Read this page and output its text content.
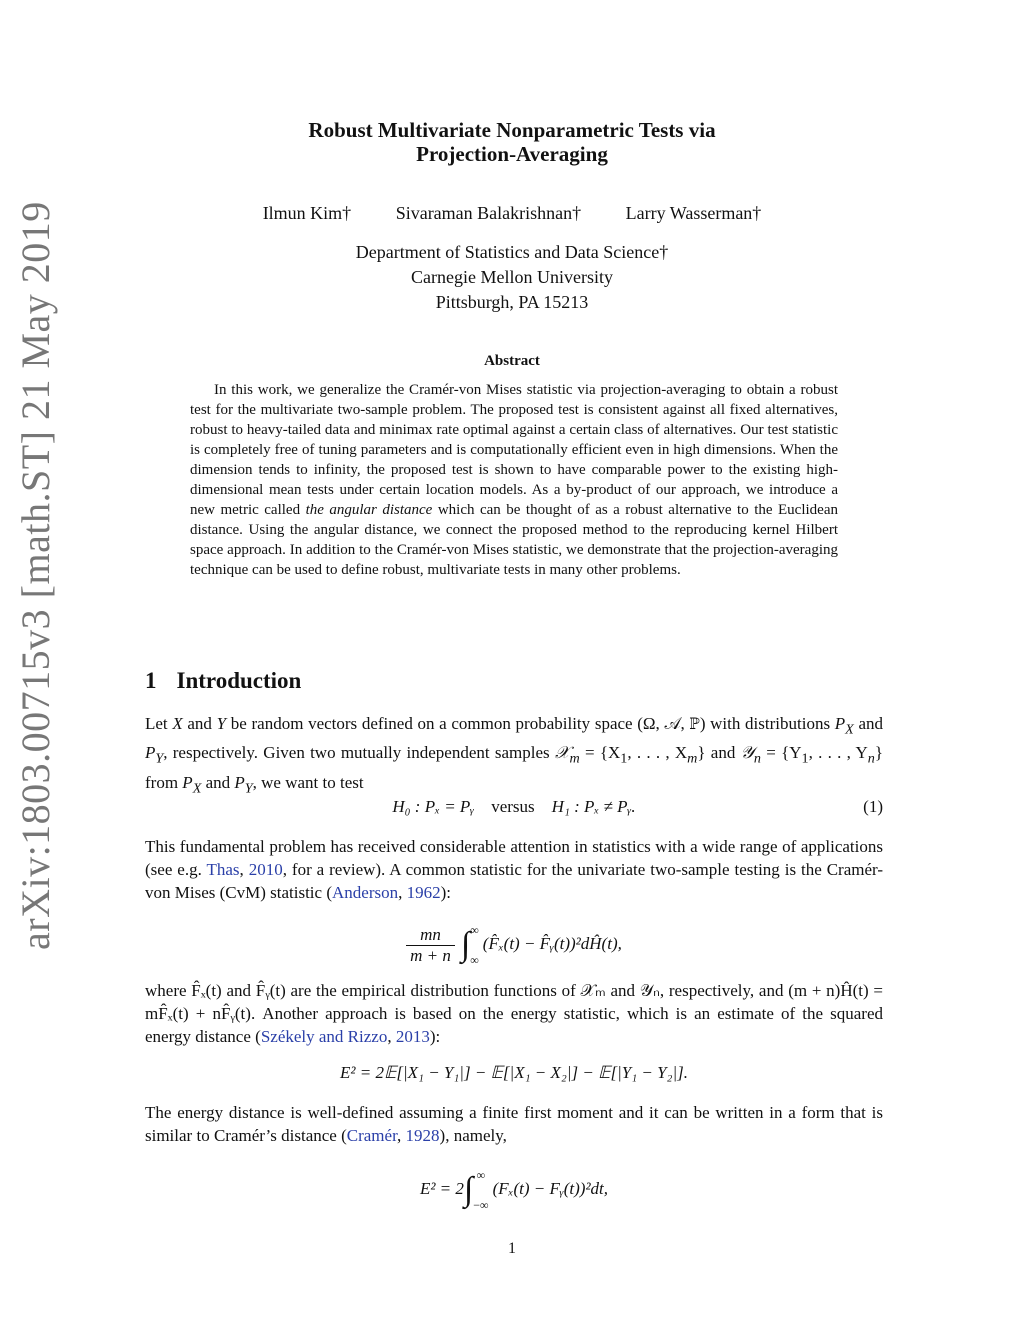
arXiv:1803.00715v3 [math.ST] 21 May 2019
Robust Multivariate Nonparametric Tests via
Projection-Averaging
Ilmun Kim† Sivaraman Balakrishnan† Larry Wasserman†
Department of Statistics and Data Science†
Carnegie Mellon University
Pittsburgh, PA 15213
Abstract
In this work, we generalize the Cramér-von Mises statistic via projection-averaging to obtain a robust test for the multivariate two-sample problem. The proposed test is consistent against all fixed alternatives, robust to heavy-tailed data and minimax rate optimal against a certain class of alternatives. Our test statistic is completely free of tuning parameters and is computationally efficient even in high dimensions. When the dimension tends to infinity, the proposed test is shown to have comparable power to the existing high-dimensional mean tests under certain location models. As a by-product of our approach, we introduce a new metric called the angular distance which can be thought of as a robust alternative to the Euclidean distance. Using the angular distance, we connect the proposed method to the reproducing kernel Hilbert space approach. In addition to the Cramér-von Mises statistic, we demonstrate that the projection-averaging technique can be used to define robust, multivariate tests in many other problems.
1 Introduction
Let X and Y be random vectors defined on a common probability space (Ω, 𝒜, ℙ) with distributions $P_X$ and $P_Y$, respectively. Given two mutually independent samples 𝒳$_m$ = {$X_1$, . . . , $X_m$} and 𝒴$_n$ = {$Y_1$, . . . , $Y_n$} from $P_X$ and $P_Y$, we want to test
H₀ : Pₓ = Pᵧ versus H₁ : Pₓ ≠ Pᵧ.	(1)
This fundamental problem has received considerable attention in statistics with a wide range of applications (see e.g. Thas, 2010, for a review). A common statistic for the univariate two-sample testing is the Cramér-von Mises (CvM) statistic (Anderson, 1962):
$\frac{mn}{m + n}$ ∫ ∞
∞
(F̂ₓ(t) − F̂ᵧ(t))²dĤ(t),
where F̂ₓ(t) and F̂ᵧ(t) are the empirical distribution functions of 𝒳ₘ and 𝒴ₙ, respectively, and (m + n)Ĥ(t) = mF̂ₓ(t) + nF̂ᵧ(t). Another approach is based on the energy statistic, which is an estimate of the squared energy distance (Székely and Rizzo, 2013):
E² = 2𝔼[|X₁ − Y₁|] − 𝔼[|X₁ − X₂|] − 𝔼[|Y₁ − Y₂|].
The energy distance is well-defined assuming a finite first moment and it can be written in a form that is similar to Cramér’s distance (Cramér, 1928), namely,
E² = 2∫ ∞
−∞
(Fₓ(t) − Fᵧ(t))²dt,
1
